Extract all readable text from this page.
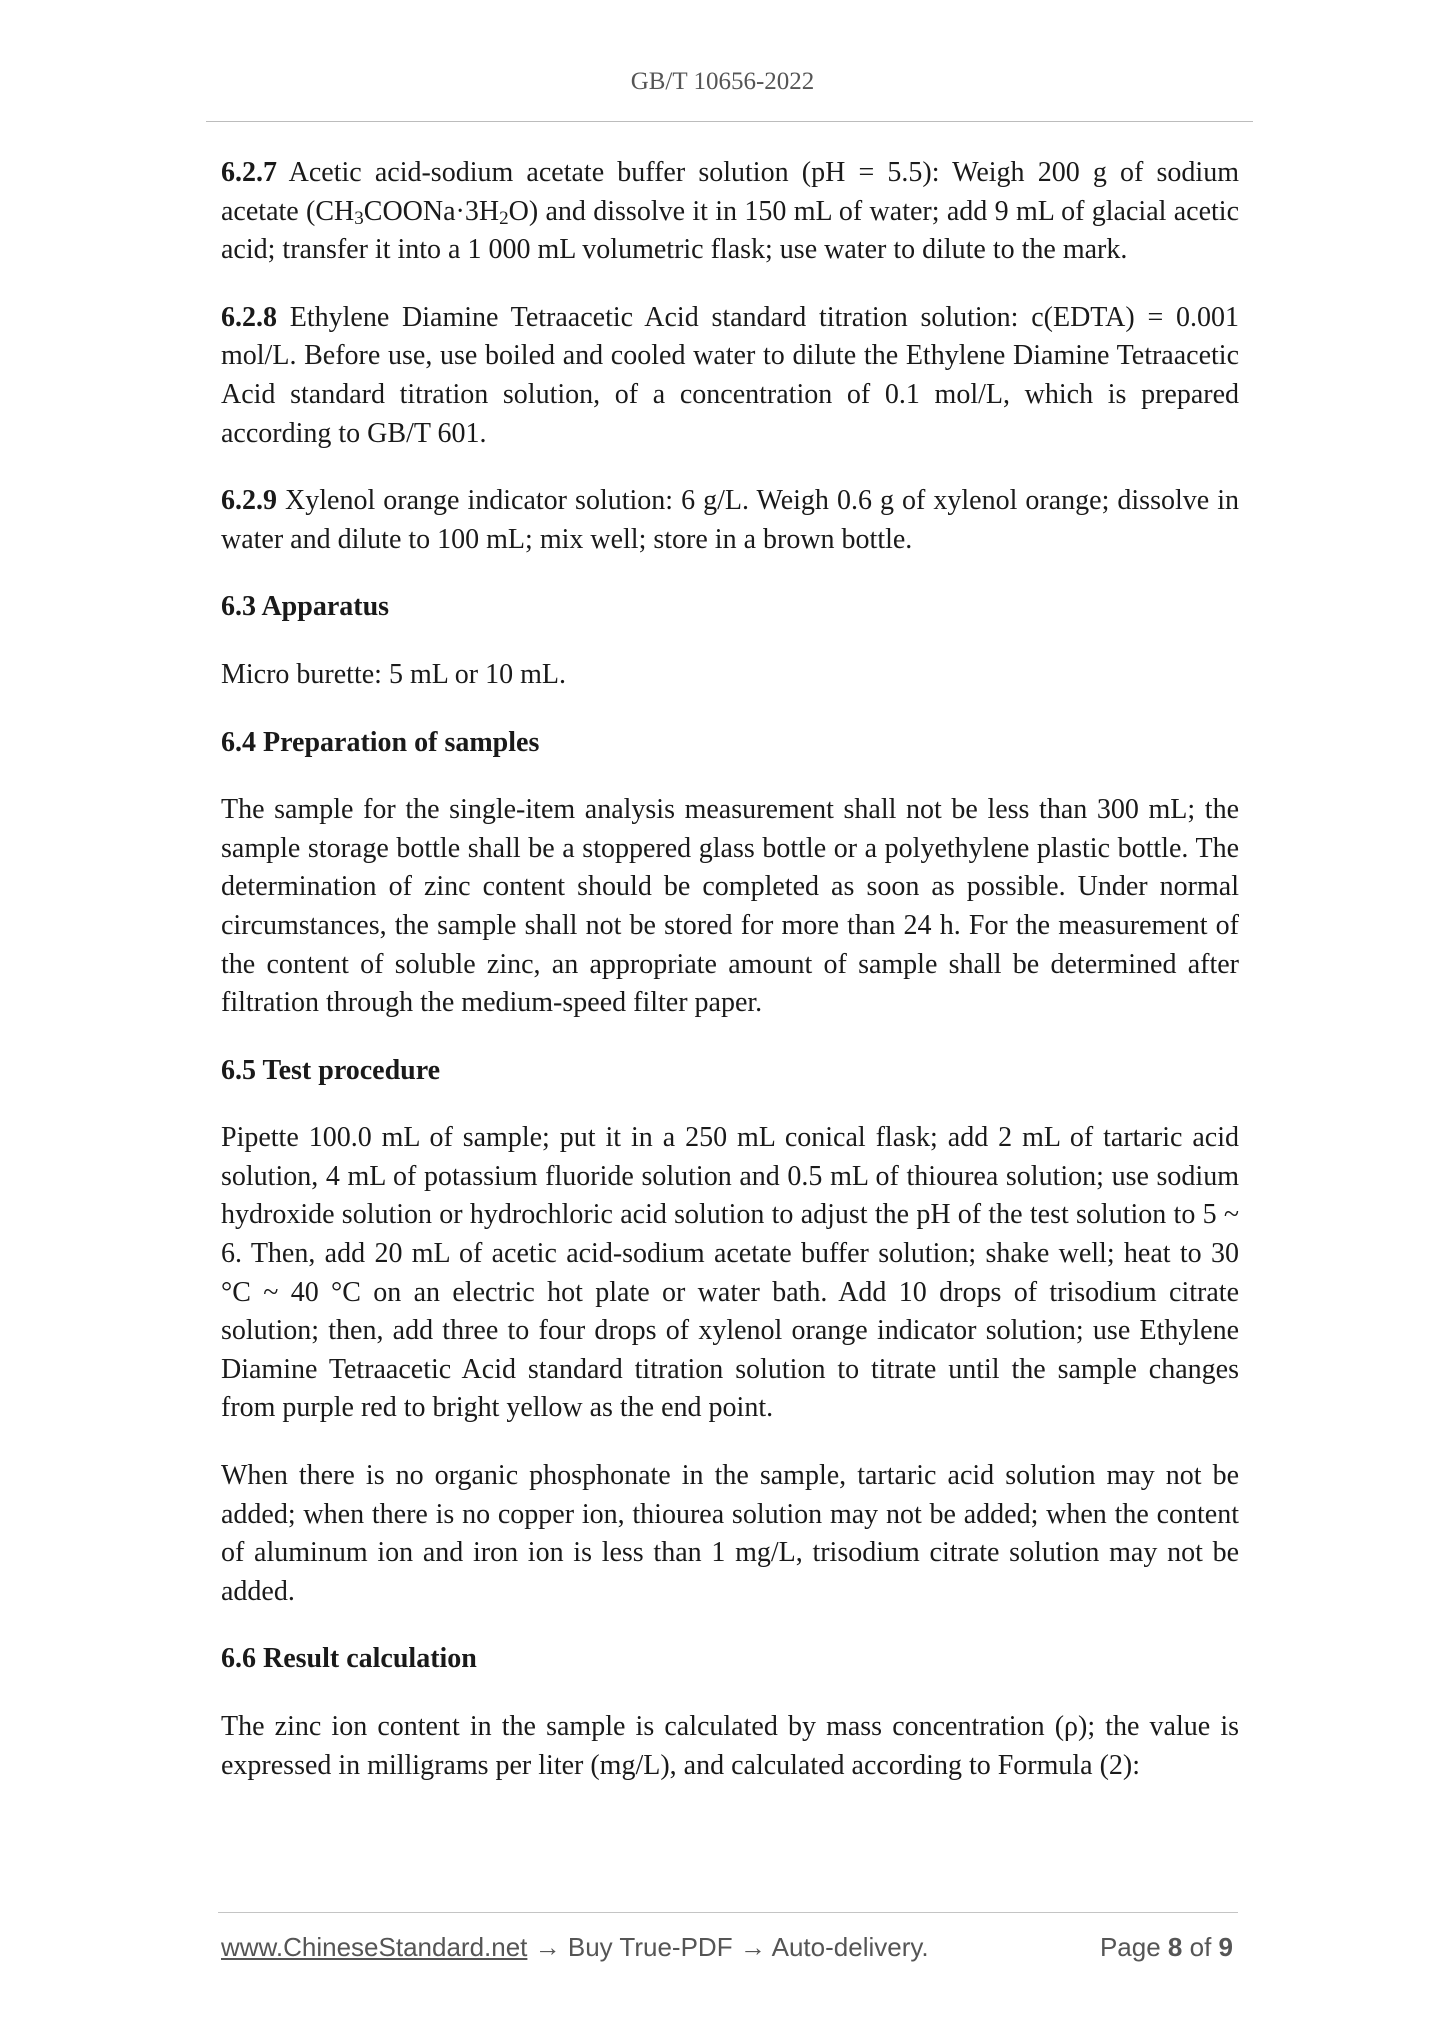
GB/T 10656-2022

6.2.7 Acetic acid-sodium acetate buffer solution (pH = 5.5): Weigh 200 g of sodium acetate $(CH_3COONa\cdot 3H_2O)$ and dissolve it in 150 mL of water; add 9 mL of glacial acetic acid; transfer it into a 1 000 mL volumetric flask; use water to dilute to the mark.

6.2.8 Ethylene Diamine Tetraacetic Acid standard titration solution: c(EDTA) = 0.001 mol/L. Before use, use boiled and cooled water to dilute the Ethylene Diamine Tetraacetic Acid standard titration solution, of a concentration of 0.1 mol/L, which is prepared according to GB/T 601.

6.2.9 Xylenol orange indicator solution: 6 g/L. Weigh 0.6 g of xylenol orange; dissolve in water and dilute to 100 mL; mix well; store in a brown bottle.

6.3 Apparatus

Micro burette: 5 mL or 10 mL.

6.4 Preparation of samples

The sample for the single-item analysis measurement shall not be less than 300 mL; the sample storage bottle shall be a stoppered glass bottle or a polyethylene plastic bottle. The determination of zinc content should be completed as soon as possible. Under normal circumstances, the sample shall not be stored for more than 24 h. For the measurement of the content of soluble zinc, an appropriate amount of sample shall be determined after filtration through the medium-speed filter paper.

6.5 Test procedure

Pipette 100.0 mL of sample; put it in a 250 mL conical flask; add 2 mL of tartaric acid solution, 4 mL of potassium fluoride solution and 0.5 mL of thiourea solution; use sodium hydroxide solution or hydrochloric acid solution to adjust the pH of the test solution to 5 ~ 6. Then, add 20 mL of acetic acid-sodium acetate buffer solution; shake well; heat to 30 °C ~ 40 °C on an electric hot plate or water bath. Add 10 drops of trisodium citrate solution; then, add three to four drops of xylenol orange indicator solution; use Ethylene Diamine Tetraacetic Acid standard titration solution to titrate until the sample changes from purple red to bright yellow as the end point.

When there is no organic phosphonate in the sample, tartaric acid solution may not be added; when there is no copper ion, thiourea solution may not be added; when the content of aluminum ion and iron ion is less than 1 mg/L, trisodium citrate solution may not be added.

6.6 Result calculation

The zinc ion content in the sample is calculated by mass concentration (ρ); the value is expressed in milligrams per liter (mg/L), and calculated according to Formula (2):

www.ChineseStandard.net → Buy True-PDF → Auto-delivery.	Page 8 of 9
